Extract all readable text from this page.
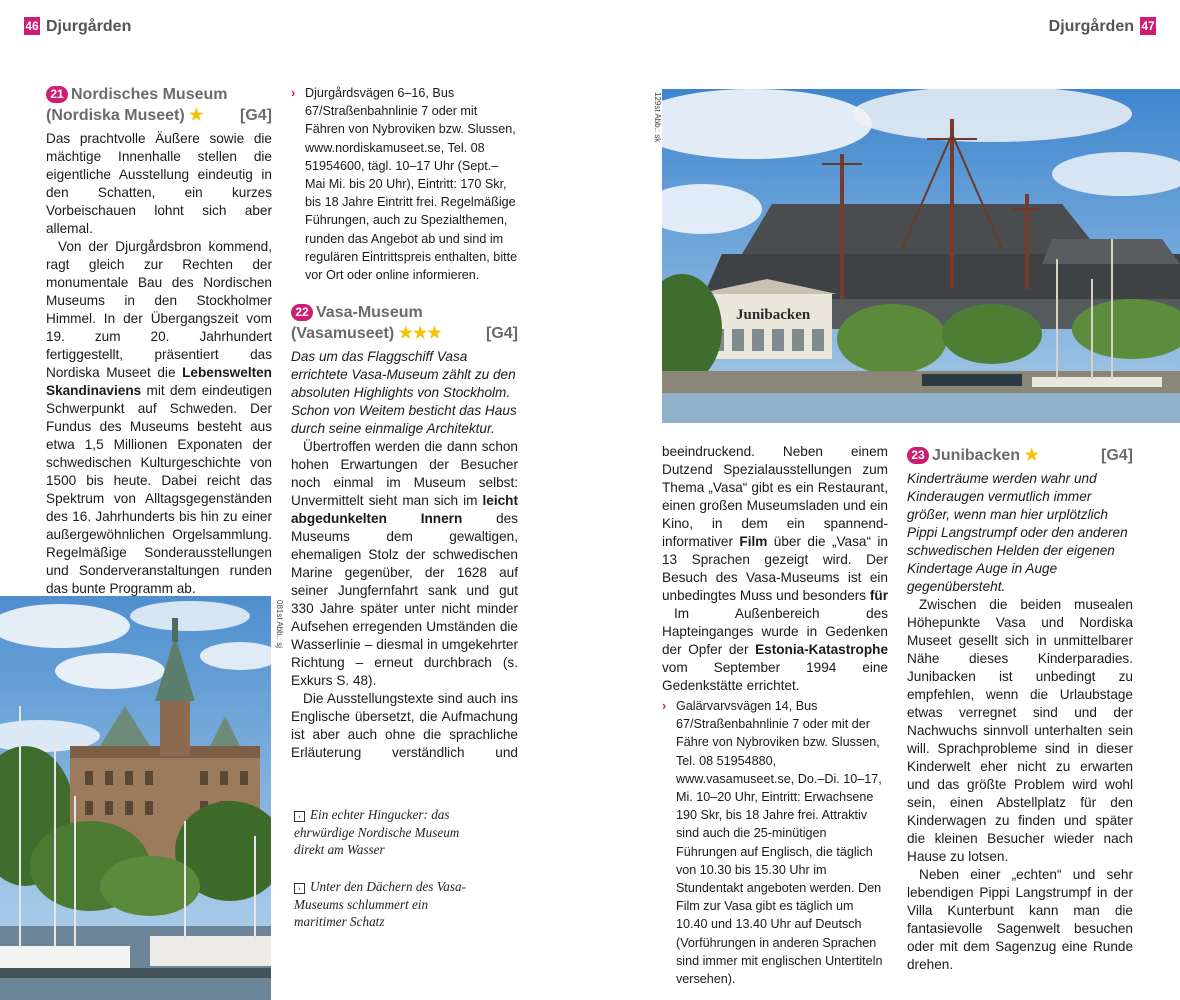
46 Djurgården
21 Nordisches Museum
(Nordiska Museet) ★ [G4]

Das prachtvolle Äußere sowie die mächtige Innenhalle stellen die eigentliche Ausstellung eindeutig in den Schatten, ein kurzes Vorbeischauen lohnt sich aber allemal.

Von der Djurgårdsbron kommend, ragt gleich zur Rechten der monumentale Bau des Nordischen Museums in den Stockholmer Himmel. In der Übergangszeit vom 19. zum 20. Jahrhundert fertiggestellt, präsentiert das Nordiska Museet die Lebenswelten Skandinaviens mit dem eindeutigen Schwerpunkt auf Schweden. Der Fundus des Museums besteht aus etwa 1,5 Millionen Exponaten der schwedischen Kulturgeschichte von 1500 bis heute. Dabei reicht das Spektrum von Alltagsgegenständen des 16. Jahrhunderts bis hin zu einer außergewöhnlichen Orgelsammlung. Regelmäßige Sonderausstellungen und Sonderveranstaltungen runden das bunte Programm ab.

081st Abb.: sj
› Djurgårdsvägen 6–16, Bus 67/Straßenbahnlinie 7 oder mit Fähren von Nybroviken bzw. Slussen, www.nordiskamuseet.se, Tel. 08 51954600, tägl. 10–17 Uhr (Sept.–Mai Mi. bis 20 Uhr), Eintritt: 170 Skr, bis 18 Jahre Eintritt frei. Regelmäßige Führungen, auch zu Spezialthemen, runden das Angebot ab und sind im regulären Eintrittspreis enthalten, bitte vor Ort oder online informieren.
22 Vasa-Museum
(Vasamuseet) ★★★	[G4]

Das um das Flaggschiff Vasa errichtete Vasa-Museum zählt zu den absoluten Highlights von Stockholm. Schon von Weitem besticht das Haus durch seine einmalige Architektur.

Übertroffen werden die dann schon hohen Erwartungen der Besucher noch einmal im Museum selbst: Unvermittelt sieht man sich im leicht abgedunkelten Innern des Museums dem gewaltigen, ehemaligen Stolz der schwedischen Marine gegenüber, der 1628 auf seiner Jungfernfahrt sank und gut 330 Jahre später unter nicht minder Aufsehen erregenden Umständen die Wasserlinie – diesmal in umgekehrter Richtung – erneut durchbrach (s. Exkurs S. 48).

Die Ausstellungstexte sind auch ins Englische übersetzt, die Aufmachung ist aber auch ohne die sprachliche Erläuterung verständlich und

‹ Ein echter Hingucker: das ehrwürdige Nordische Museum direkt am Wasser
› Unter den Dächern des Vasa-Museums schlummert ein maritimer Schatz
Djurgården 47
Junibacken
129st Abb.: sk

beeindruckend. Neben einem Dutzend Spezialausstellungen zum Thema „Vasa“ gibt es ein Restaurant, einen großen Museumsladen und ein Kino, in dem ein spannend-informativer Film über die „Vasa“ in 13 Sprachen gezeigt wird. Der Besuch des Vasa-Museums ist ein unbedingtes Muss und besonders für

Im Außenbereich des Hapteinganges wurde in Gedenken der Opfer der Estonia-Katastrophe vom September 1994 eine Gedenkstätte errichtet.

› Galärvarvsvägen 14, Bus 67/Straßenbahnlinie 7 oder mit der Fähre von Nybroviken bzw. Slussen, Tel. 08 51954880, www.vasamuseet.se, Do.–Di. 10–17, Mi. 10–20 Uhr, Eintritt: Erwachsene 190 Skr, bis 18 Jahre frei. Attraktiv sind auch die 25-minütigen Führungen auf Englisch, die täglich von 10.30 bis 15.30 Uhr im Stundentakt angeboten werden. Den Film zur Vasa gibt es täglich um 10.40 und 13.40 Uhr auf Deutsch (Vorführungen in anderen Sprachen sind immer mit englischen Untertiteln versehen).
23 Junibacken ★	[G4]

Kinderträume werden wahr und Kinderaugen vermutlich immer größer, wenn man hier urplötzlich Pippi Langstrumpf oder den anderen schwedischen Helden der eigenen Kindertage Auge in Auge gegenübersteht.

Zwischen die beiden musealen Höhepunkte Vasa und Nordiska Museet gesellt sich in unmittelbarer Nähe dieses Kinderparadies. Junibacken ist unbedingt zu empfehlen, wenn die Urlaubstage etwas verregnet sind und der Nachwuchs sinnvoll unterhalten sein will. Sprachprobleme sind in dieser Kinderwelt eher nicht zu erwarten und das größte Problem wird wohl sein, einen Abstellplatz für den Kinderwagen zu finden und später die kleinen Besucher wieder nach Hause zu lotsen.

Neben einer „echten“ und sehr lebendigen Pippi Langstrumpf in der Villa Kunterbunt kann man die fantasievolle Sagenwelt besuchen oder mit dem Sagenzug eine Runde drehen.
